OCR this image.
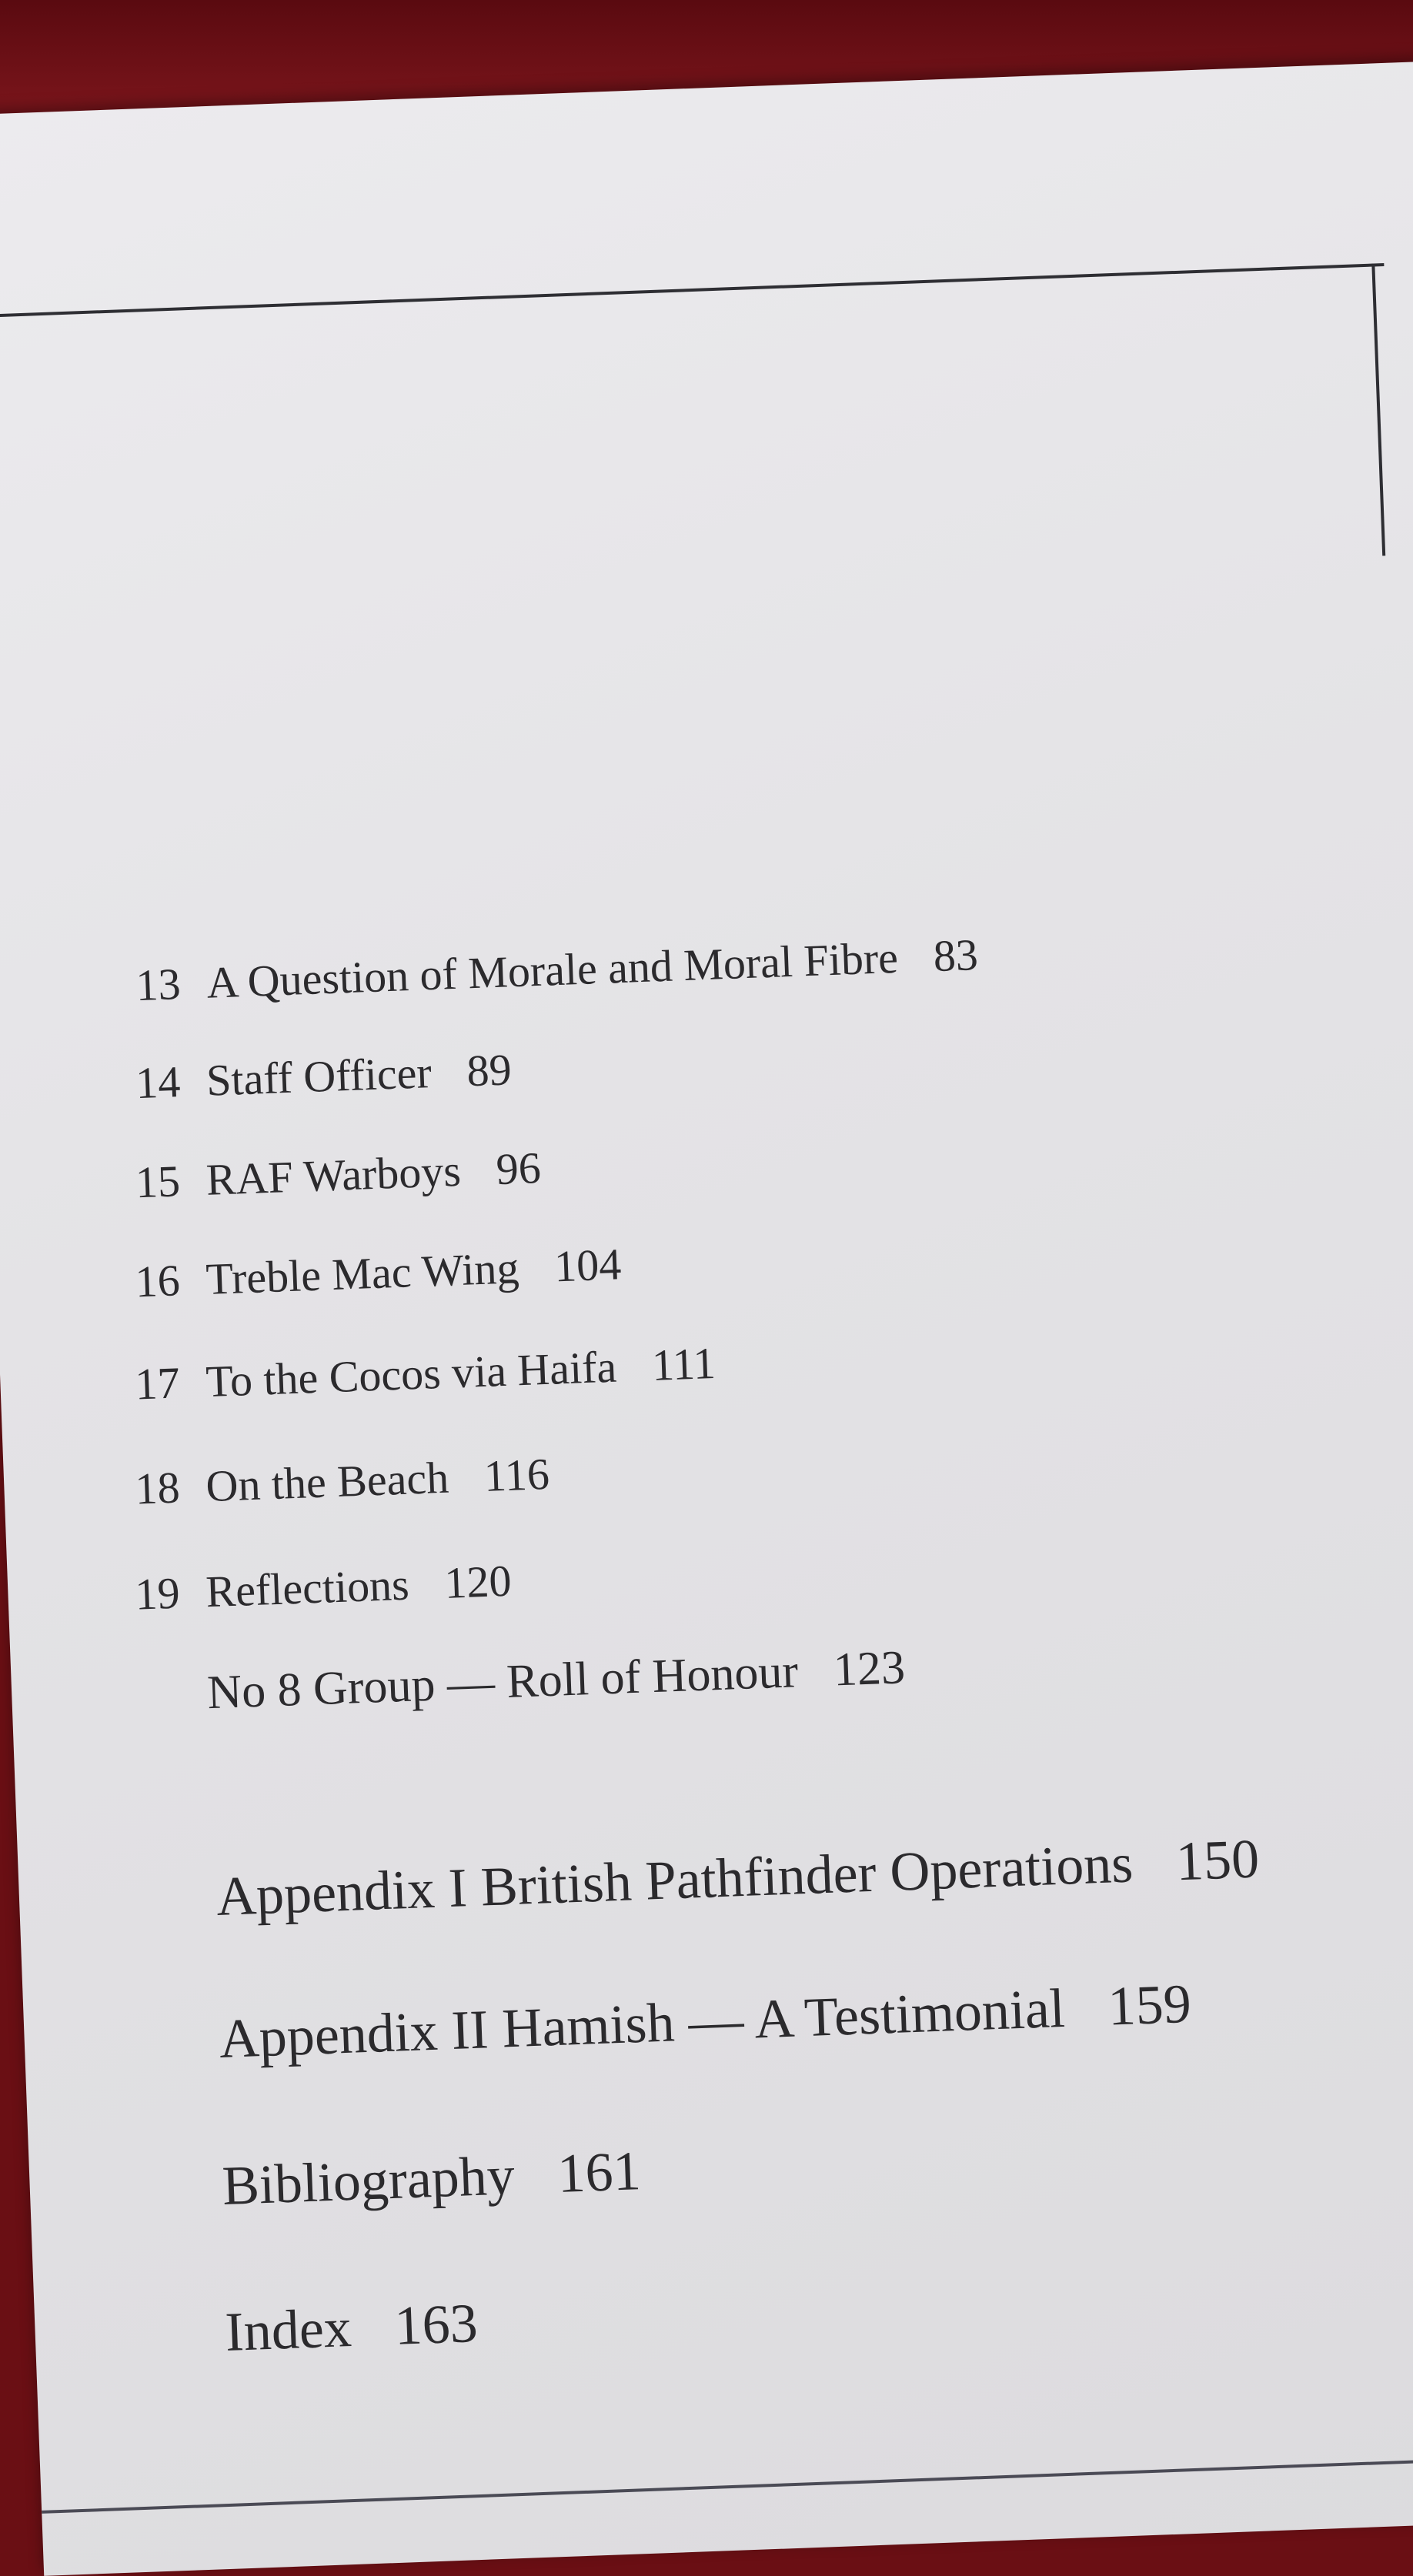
13 A Question of Morale and Moral Fibre 83
14 Staff Officer 89
15 RAF Warboys 96
16 Treble Mac Wing 104
17 To the Cocos via Haifa 111
18 On the Beach 116
19 Reflections 120
No 8 Group — Roll of Honour 123
Appendix I British Pathfinder Operations 150
Appendix II Hamish — A Testimonial 159
Bibliography 161
Index 163
